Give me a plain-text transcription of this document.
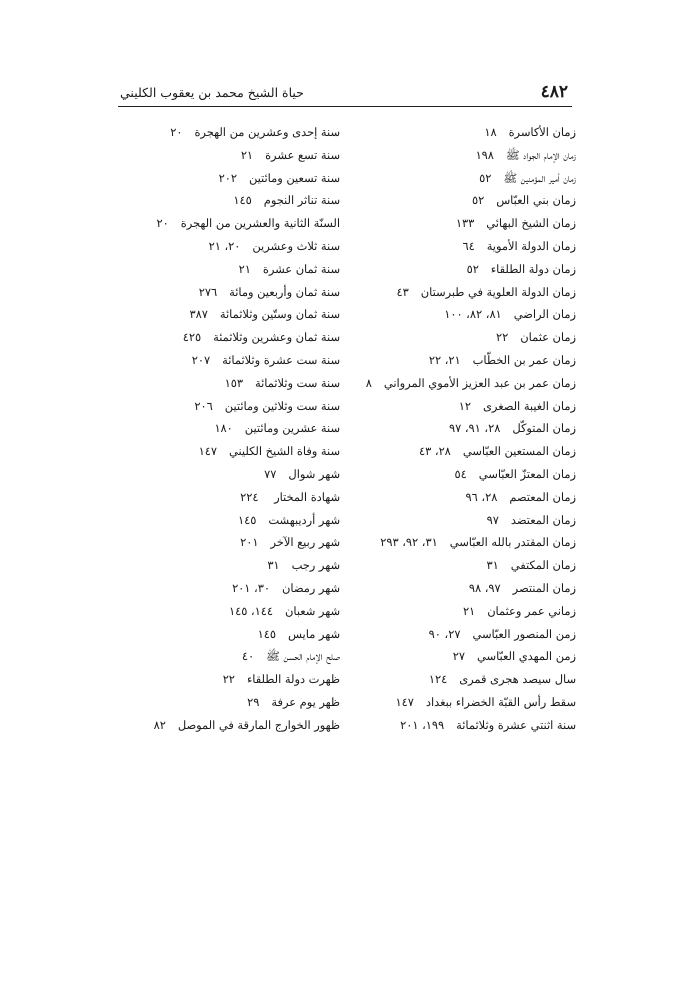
٤٨٢
حياة الشيخ محمد بن يعقوب الكليني
زمان الأكاسرة١٨
زمان الإمام الجواد ﷺ١٩٨
زمان أمير المؤمنين ﷺ٥٢
زمان بني العبّاس٥٢
زمان الشيخ البهائي١٣٣
زمان الدولة الأموية٦٤
زمان دولة الطلقاء٥٢
زمان الدولة العلوية في طبرستان٤٣
زمان الراضي٨١، ٨٢، ١٠٠
زمان عثمان٢٢
زمان عمر بن الخطّاب٢١، ٢٢
زمان عمر بن عبد العزيز الأموي المرواني٨
زمان الغيبة الصغرى١٢
زمان المتوكّل٢٨، ٩١، ٩٧
زمان المستعين العبّاسي٢٨، ٤٣
زمان المعتزّ العبّاسي٥٤
زمان المعتصم٢٨، ٩٦
زمان المعتضد٩٧
زمان المقتدر بالله العبّاسي٣١، ٩٢، ٢٩٣
زمان المكتفي٣١
زمان المنتصر٩٧، ٩٨
زماني عمر وعثمان٢١
زمن المنصور العبّاسي٢٧، ٩٠
زمن المهدي العبّاسي٢٧
سال سيصد هجرى قمرى١٢٤
سقط رأس القبّة الخضراء ببغداد١٤٧
سنة اثنتي عشرة وثلاثمائة١٩٩، ٢٠١
سنة إحدى وعشرين من الهجرة٢٠
سنة تسع عشرة٢١
سنة تسعين ومائتين٢٠٢
سنة تناثر النجوم١٤٥
السنّة الثانية والعشرين من الهجرة٢٠
سنة ثلاث وعشرين٢٠، ٢١
سنة ثمان عشرة٢١
سنة ثمان وأربعين ومائة٢٧٦
سنة ثمان وستّين وثلاثمائة٣٨٧
سنة ثمان وعشرين وثلاثمئة٤٢٥
سنة ست عشرة وثلاثمائة٢٠٧
سنة ست وثلاثمائة١٥٣
سنة ست وثلاثين ومائتين٢٠٦
سنة عشرين ومائتين١٨٠
سنة وفاة الشيخ الكليني١٤٧
شهر شوال٧٧
شهادة المختار ٢٢٤
شهر أرديبهشت١٤٥
شهر ربيع الآخر٢٠١
شهر رجب٣١
شهر رمضان٣٠، ٢٠١
شهر شعبان١٤٤، ١٤٥
شهر مايس١٤٥
صلح الإمام الحسن ﷺ٤٠
ظهرت دولة الطلقاء٢٢
ظهر يوم عرفة٢٩
ظهور الخوارج المارقة في الموصل٨٢
